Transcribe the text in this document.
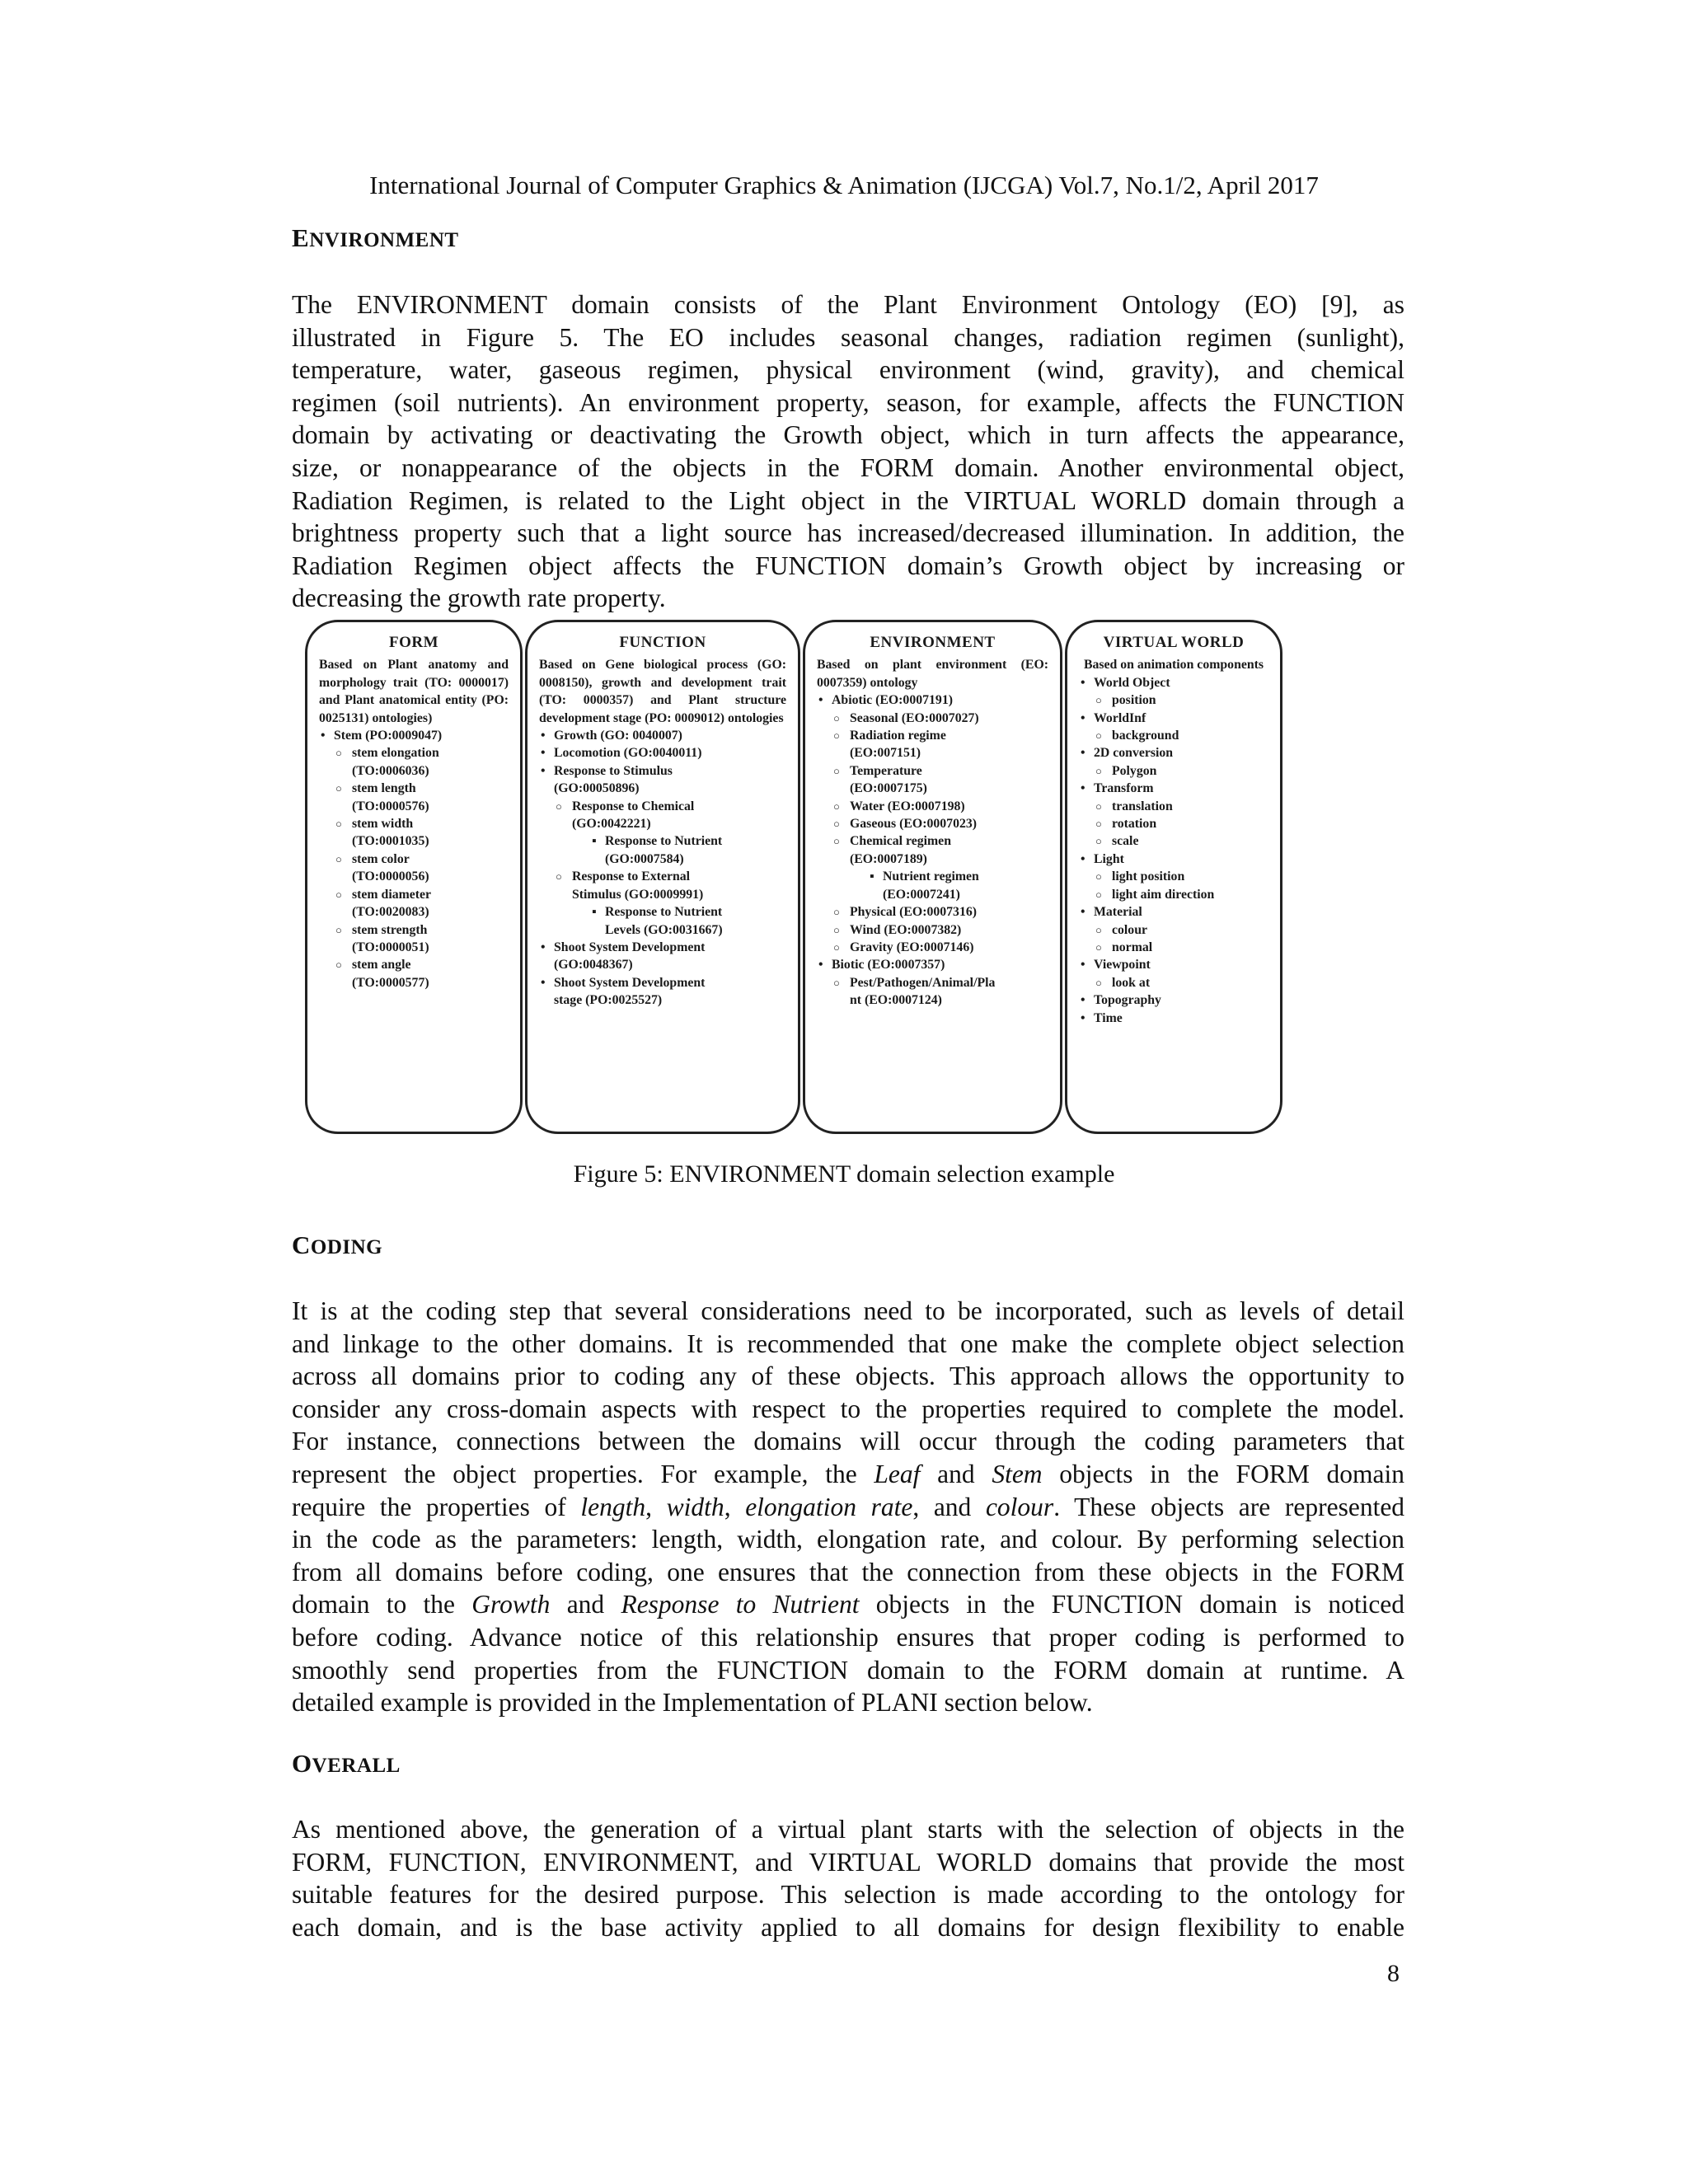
International Journal of Computer Graphics & Animation (IJCGA) Vol.7, No.1/2, April 2017
ENVIRONMENT
The ENVIRONMENT domain consists of the Plant Environment Ontology (EO) [9], as
illustrated in Figure 5. The EO includes seasonal changes, radiation regimen (sunlight),
temperature, water, gaseous regimen, physical environment (wind, gravity), and chemical
regimen (soil nutrients). An environment property, season, for example, affects the FUNCTION
domain by activating or deactivating the Growth object, which in turn affects the appearance,
size, or nonappearance of the objects in the FORM domain. Another environmental object,
Radiation Regimen, is related to the Light object in the VIRTUAL WORLD domain through a
brightness property such that a light source has increased/decreased illumination. In addition, the
Radiation Regimen object affects the FUNCTION domain’s Growth object by increasing or
decreasing the growth rate property.
FORM
Based on Plant anatomy and morphology trait (TO: 0000017) and Plant anatomical entity (PO: 0025131) ontologies)
• Stem (PO:0009047)
○ stem elongation
(TO:0006036)
○ stem length
(TO:0000576)
○ stem width
(TO:0001035)
○ stem color
(TO:0000056)
○ stem diameter
(TO:0020083)
○ stem strength
(TO:0000051)
○ stem angle
(TO:0000577)
FUNCTION
Based on Gene biological process (GO: 0008150), growth and development trait (TO: 0000357) and Plant structure development stage (PO: 0009012) ontologies
• Growth (GO: 0040007)
• Locomotion (GO:0040011)
• Response to Stimulus
(GO:00050896)
○ Response to Chemical
(GO:0042221)
▪ Response to Nutrient
(GO:0007584)
○ Response to External
Stimulus (GO:0009991)
▪ Response to Nutrient
Levels (GO:0031667)
• Shoot System Development
(GO:0048367)
• Shoot System Development
stage (PO:0025527)
ENVIRONMENT
Based on plant environment (EO: 0007359) ontology
• Abiotic (EO:0007191)
○ Seasonal (EO:0007027)
○ Radiation regime
(EO:007151)
○ Temperature
(EO:0007175)
○ Water (EO:0007198)
○ Gaseous (EO:0007023)
○ Chemical regimen
(EO:0007189)
▪ Nutrient regimen
(EO:0007241)
○ Physical (EO:0007316)
○ Wind (EO:0007382)
○ Gravity (EO:0007146)
• Biotic (EO:0007357)
○ Pest/Pathogen/Animal/Pla
nt (EO:0007124)
VIRTUAL WORLD
Based on animation components
• World Object
○ position
• WorldInf
○ background
• 2D conversion
○ Polygon
• Transform
○ translation
○ rotation
○ scale
• Light
○ light position
○ light aim direction
• Material
○ colour
○ normal
• Viewpoint
○ look at
• Topography
• Time
Figure 5: ENVIRONMENT domain selection example
CODING
It is at the coding step that several considerations need to be incorporated, such as levels of detail
and linkage to the other domains. It is recommended that one make the complete object selection
across all domains prior to coding any of these objects. This approach allows the opportunity to
consider any cross-domain aspects with respect to the properties required to complete the model.
For instance, connections between the domains will occur through the coding parameters that
represent the object properties. For example, the Leaf and Stem objects in the FORM domain
require the properties of length, width, elongation rate, and colour. These objects are represented
in the code as the parameters: length, width, elongation rate, and colour. By performing selection
from all domains before coding, one ensures that the connection from these objects in the FORM
domain to the Growth and Response to Nutrient objects in the FUNCTION domain is noticed
before coding. Advance notice of this relationship ensures that proper coding is performed to
smoothly send properties from the FUNCTION domain to the FORM domain at runtime. A
detailed example is provided in the Implementation of PLANI section below.
OVERALL
As mentioned above, the generation of a virtual plant starts with the selection of objects in the
FORM, FUNCTION, ENVIRONMENT, and VIRTUAL WORLD domains that provide the most
suitable features for the desired purpose. This selection is made according to the ontology for
each domain, and is the base activity applied to all domains for design flexibility to enable
8
